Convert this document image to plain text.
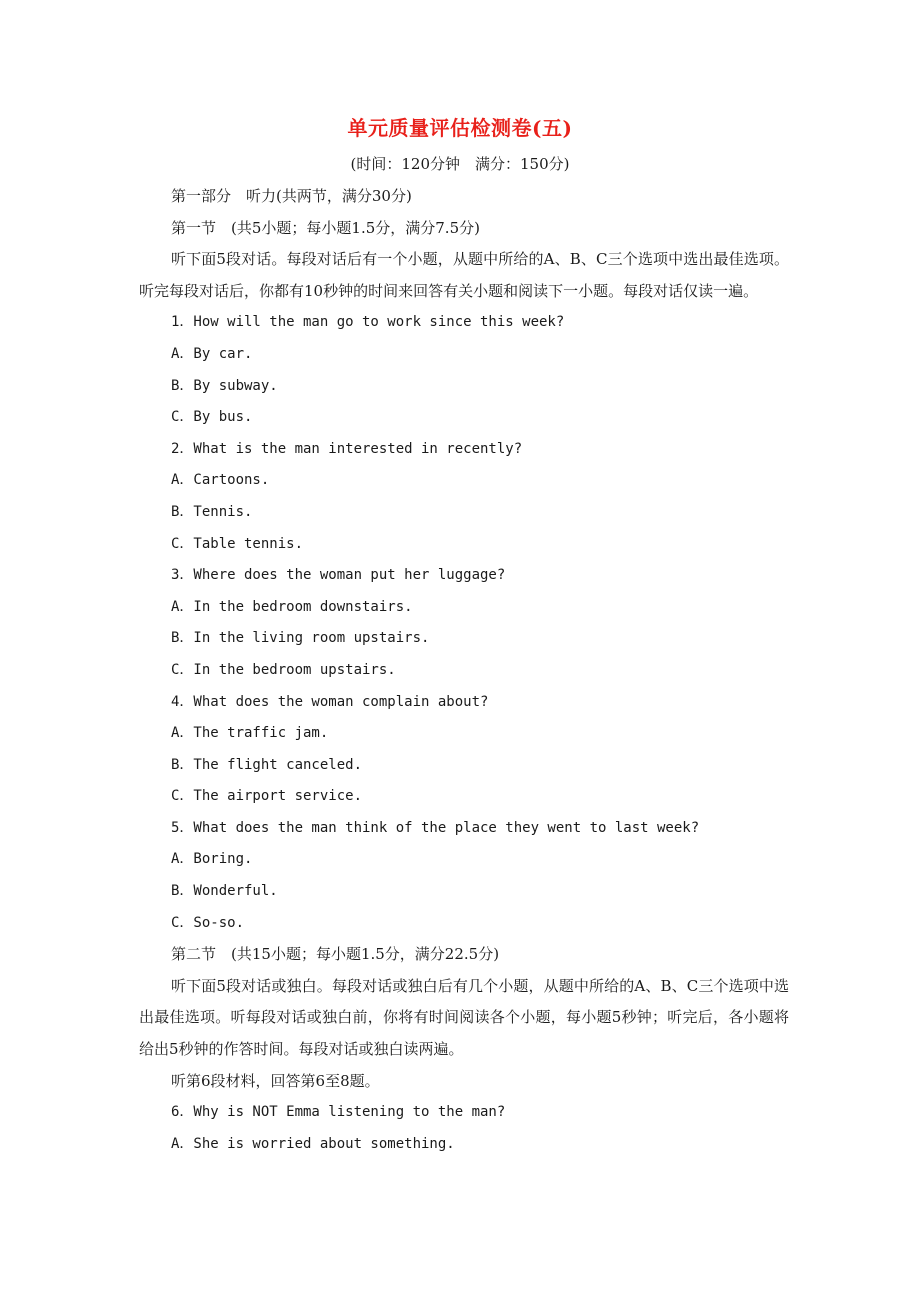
单元质量评估检测卷(五)
(时间：120分钟　满分：150分)

第一部分　听力(共两节，满分30分)

第一节　(共5小题；每小题1.5分，满分7.5分)

听下面5段对话。每段对话后有一个小题，从题中所给的A、B、C三个选项中选出最佳选项。听完每段对话后，你都有10秒钟的时间来回答有关小题和阅读下一小题。每段对话仅读一遍。

1．How will the man go to work since this week?

A．By car.

B．By subway.

C．By bus.

2．What is the man interested in recently?

A．Cartoons.

B．Tennis.

C．Table tennis.

3．Where does the woman put her luggage?

A．In the bedroom downstairs.

B．In the living room upstairs.

C．In the bedroom upstairs.

4．What does the woman complain about?

A．The traffic jam.

B．The flight canceled.

C．The airport service.

5．What does the man think of the place they went to last week?

A．Boring.

B．Wonderful.

C．So-so.

第二节　(共15小题；每小题1.5分，满分22.5分)

听下面5段对话或独白。每段对话或独白后有几个小题，从题中所给的A、B、C三个选项中选出最佳选项。听每段对话或独白前，你将有时间阅读各个小题，每小题5秒钟；听完后，各小题将给出5秒钟的作答时间。每段对话或独白读两遍。

听第6段材料，回答第6至8题。

6．Why is NOT Emma listening to the man?

A．She is worried about something.
